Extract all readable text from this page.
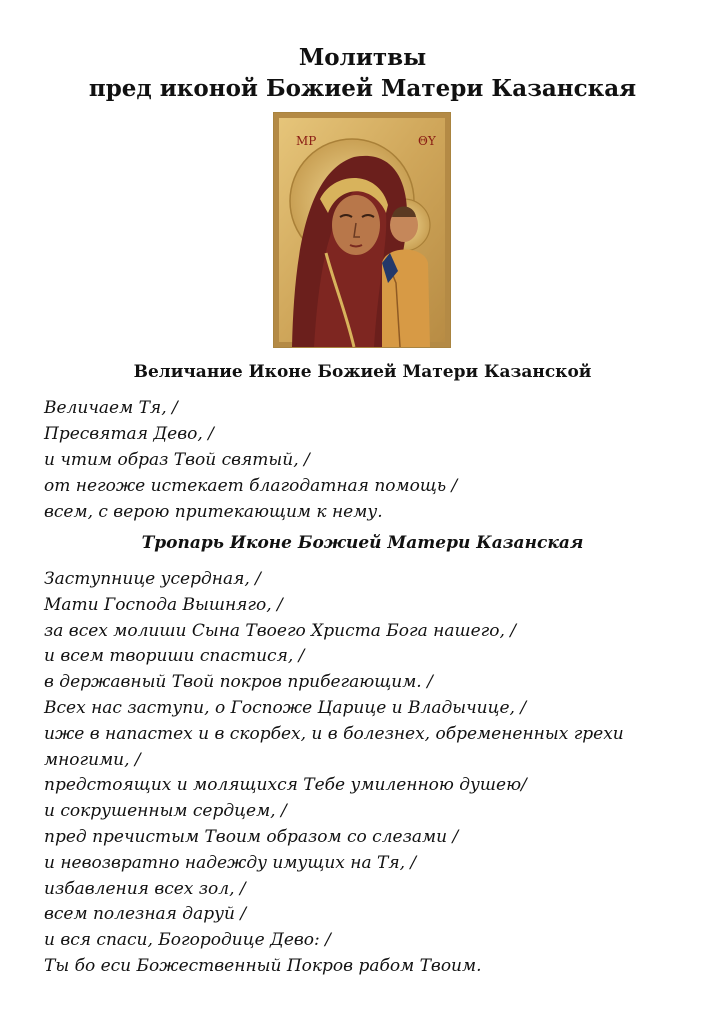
Молитвы
пред иконой Божией Матери Казанская
МР	ΘΥ
Величание Иконе Божией Матери Казанской
Величаем Тя, /
Пресвятая Дево, /
и чтим образ Твой святый, /
от негоже истекает благодатная помощь /
всем, с верою притекающим к нему.
Тропарь Иконе Божией Матери Казанская
Заступнице усердная, /
Мати Господа Вышняго, /
за всех молиши Сына Твоего Христа Бога нашего, /
и всем твориши спастися, /
в державный Твой покров прибегающим. /
Всех нас заступи, о Госпоже Царице и Владычице, /
иже в напастех и в скорбех, и в болезнех, обремененных грехи многими, /
предстоящих и молящихся Тебе умиленною душею/
и сокрушенным сердцем, /
пред пречистым Твоим образом со слезами /
и невозвратно надежду имущих на Тя, /
избавления всех зол, /
всем полезная даруй /
и вся спаси, Богородице Дево: /
Ты бо еси Божественный Покров рабом Твоим.
